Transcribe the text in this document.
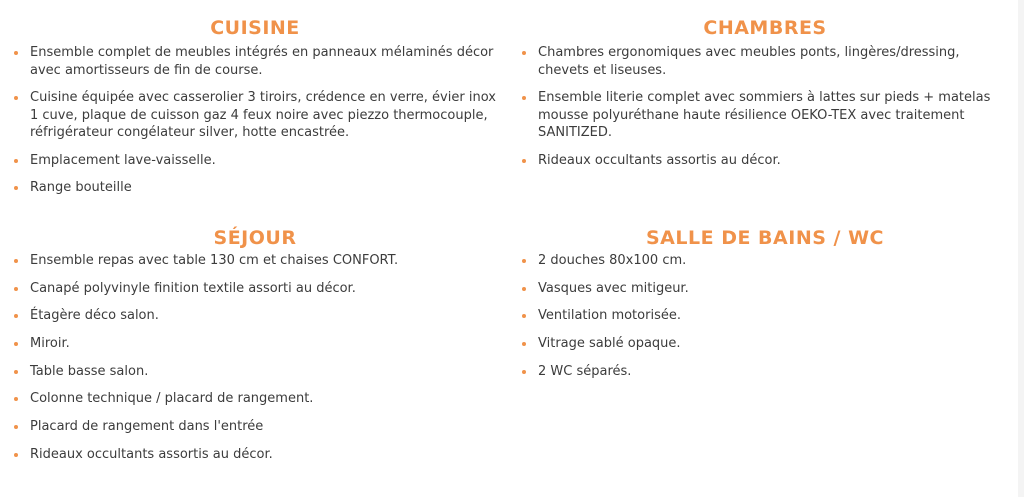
CUISINE
Ensemble complet de meubles intégrés en panneaux mélaminés décor avec amortisseurs de fin de course.
Cuisine équipée avec casserolier 3 tiroirs, crédence en verre, évier inox 1 cuve, plaque de cuisson gaz 4 feux noire avec piezzo thermocouple, réfrigérateur congélateur silver, hotte encastrée.
Emplacement lave-vaisselle.
Range bouteille
SÉJOUR
Ensemble repas avec table 130 cm et chaises CONFORT.
Canapé polyvinyle finition textile assorti au décor.
Étagère déco salon.
Miroir.
Table basse salon.
Colonne technique / placard de rangement.
Placard de rangement dans l'entrée
Rideaux occultants assortis au décor.
CHAMBRES
Chambres ergonomiques avec meubles ponts, lingères/dressing, chevets et liseuses.
Ensemble literie complet avec sommiers à lattes sur pieds + matelas mousse polyuréthane haute résilience OEKO-TEX avec traitement SANITIZED.
Rideaux occultants assortis au décor.
SALLE DE BAINS / WC
2 douches 80x100 cm.
Vasques avec mitigeur.
Ventilation motorisée.
Vitrage sablé opaque.
2 WC séparés.
